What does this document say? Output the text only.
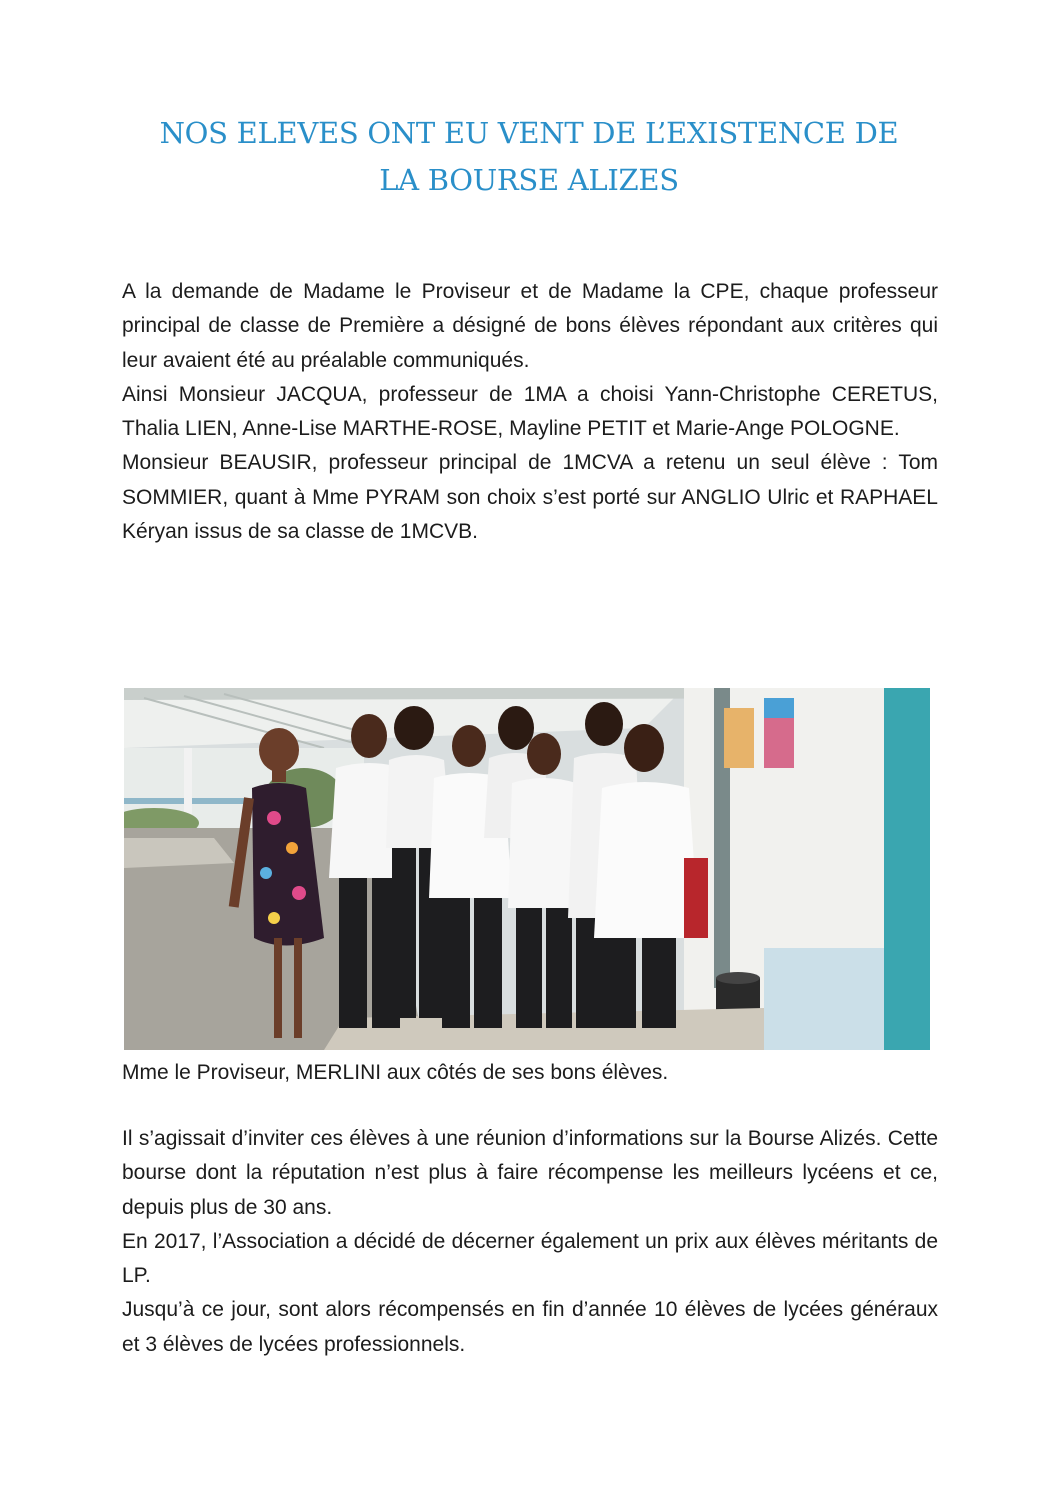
NOS ELEVES ONT EU VENT DE L’EXISTENCE DE
LA BOURSE ALIZES

A la demande de Madame le Proviseur et de Madame la CPE, chaque professeur principal de classe de Première a désigné de bons élèves répondant aux critères qui leur avaient été au préalable communiqués.

Ainsi Monsieur JACQUA, professeur de 1MA a choisi Yann-Christophe CERETUS, Thalia LIEN, Anne-Lise MARTHE-ROSE, Mayline PETIT et Marie-Ange POLOGNE.

Monsieur BEAUSIR, professeur principal de 1MCVA a retenu un seul élève : Tom SOMMIER, quant à Mme PYRAM son choix s’est porté sur ANGLIO Ulric et RAPHAEL Kéryan issus de sa classe de 1MCVB.

Mme le Proviseur, MERLINI aux côtés de ses bons élèves.

Il s’agissait d’inviter ces élèves à une réunion d’informations sur la Bourse Alizés. Cette bourse dont la réputation n’est plus à faire récompense les meilleurs lycéens et ce, depuis plus de 30 ans.

En 2017, l’Association a décidé de décerner également un prix aux élèves méritants de LP.

Jusqu’à ce jour, sont alors récompensés en fin d’année 10 élèves de lycées généraux et 3 élèves de lycées professionnels.
